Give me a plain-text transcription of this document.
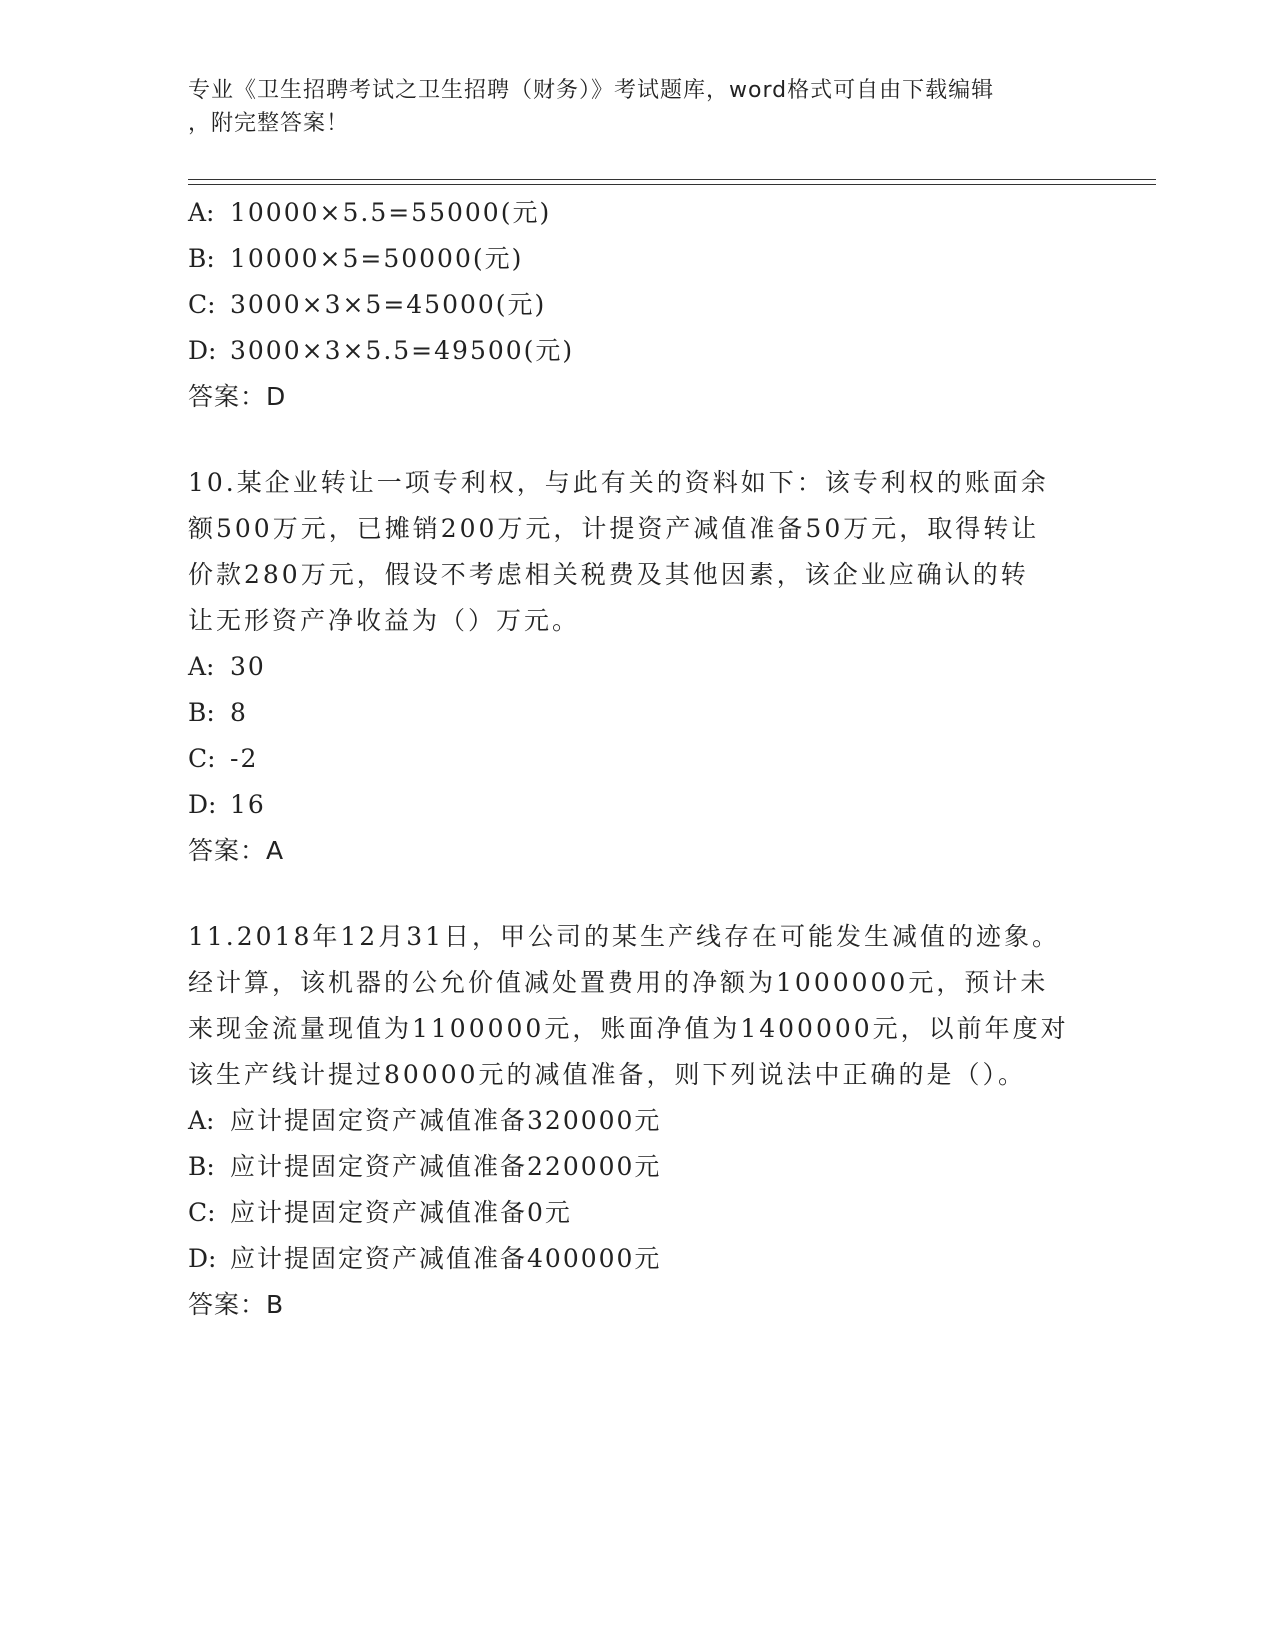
专业《卫生招聘考试之卫生招聘（财务）》考试题库，word格式可自由下载编辑
，附完整答案！
A: 10000×5.5=55000(元)
B: 10000×5=50000(元)
C: 3000×3×5=45000(元)
D: 3000×3×5.5=49500(元)
答案：D
10.某企业转让一项专利权，与此有关的资料如下：该专利权的账面余
额500万元，已摊销200万元，计提资产减值准备50万元，取得转让
价款280万元，假设不考虑相关税费及其他因素，该企业应确认的转
让无形资产净收益为（）万元。
A: 30
B: 8
C: -2
D: 16
答案：A
11.2018年12月31日，甲公司的某生产线存在可能发生减值的迹象。
经计算，该机器的公允价值减处置费用的净额为1000000元，预计未
来现金流量现值为1100000元，账面净值为1400000元，以前年度对
该生产线计提过80000元的减值准备，则下列说法中正确的是（）。
A: 应计提固定资产减值准备320000元
B: 应计提固定资产减值准备220000元
C: 应计提固定资产减值准备0元
D: 应计提固定资产减值准备400000元
答案：B
